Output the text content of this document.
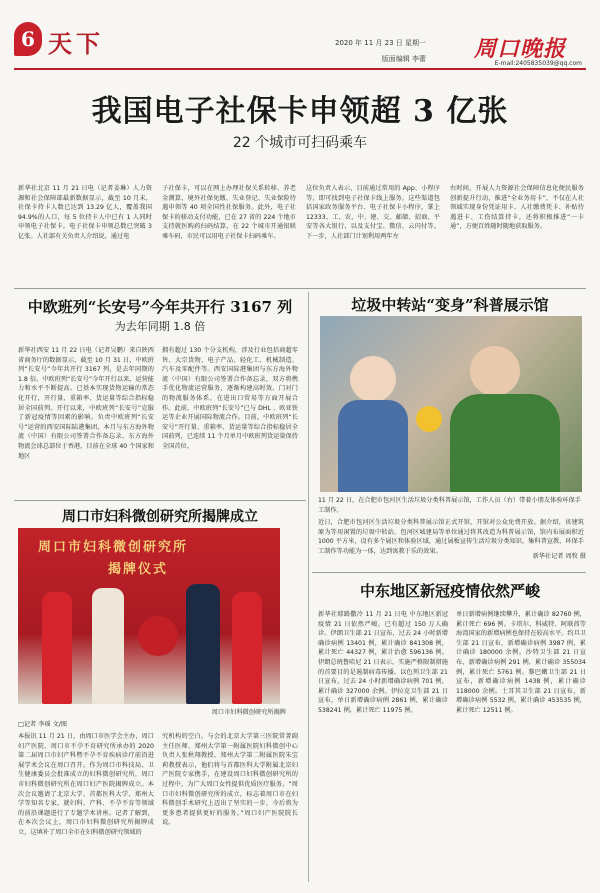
6 天下	2020 年 11 月 23 日 星期一
版面编辑 李蕾 周口晚报
E-mail:2405835039@qq.com
我国电子社保卡申领超 3 亿张
22 个城市可扫码乘车
新华社北京 11 月 21 日电（记者姜琳）人力资源和社会保障部最新数据显示，截至 10 月末，社保卡持卡人数已达到 13.29 亿人，覆盖我国 94.9%的人口，每 5 位持卡人中已有 1 人同时申领电子社保卡。电子社保卡申领总数已突破 3 亿张。人社部有关负责人介绍说，通过电
子社保卡，可以在网上办理社保关系转移、养老金测算、境外社保免缴、失业登记、失业保险待遇申领等 40 项全国性社保服务。此外，电子社保卡的移动支付功能，已在 27 省的 224 个地市支持就医购药扫码结算，在 22 个城市开通银联乘车码，市民可以用电子社保卡扫码乘车。
这位负责人表示，目前通过常用的 App、小程序等，即可找到电子社保卡线上服务。这些渠道包括国家政务服务平台、电子社保卡小程序，掌上 12333、工、农、中、建、交、邮储、招商、平安等各大银行，以及支付宝、微信、云闪付等。下一步，人社部门计划利用两年左
右时间，开展人力资源社会保障信息化便民服务创新提升行动，推进“全业务用卡”，不仅在人社领域实现身份凭证用卡、人社缴费凭卡、补贴待遇进卡、工伤结算持卡，还将积极推进“一卡通”，方便百姓随时随地获取服务。
中欧班列“长安号”今年共开行 3167 列
为去年同期 1.8 倍
新华社西安 11 月 22 日电（记者吴鹏）来自陕西省商务厅的数据显示，截至 10 月 31 日，中欧班列“长安号”今年共开行 3167 列，是去年同期的 1.8 倍。中欧班列“长安号”今年开行以来，运营能力和水平不断提高。已基本实现货物运输的常态化开行，开行量、重箱率、货运量等综合指标稳居全国前列。开行以来，中欧班列“长安号”克服了新冠疫情等因素的影响。负责中欧班列“长安号”运营的西安国际陆港集团，本月与东方海外物流（中国）有限公司签署合作备忘录。东方海外物流会球总部位于香港，目前在全球 40 个国家和地区
拥有超过 130 个分支机构，涉及行业包括商超零售、大宗货物、电子产品、轻化工、机械制造、汽车及零配件等。西安国际港集团与东方海外物流（中国）有限公司签署合作备忘录，双方将携手优化物流运营服务，逐渐构建高时效、门对门的物流服务体系，在进出口贸易等方面开展合作。此前，中欧班列“长安号”已与 DHL 、欧亚铁运等企业开展国际物流合作。目前，中欧班列“长安号”开行量、重箱率、货运量等综合指标稳居全国前列，已连续 11 个月单月中欧班列货运量保持全国首位。
垃圾中转站“变身”科普展示馆
11 月 22 日，在合肥市包河区生活垃圾分类科普展示馆，工作人员（右）带着小朋友体验环保手工制作。
近日，合肥市包河区生活垃圾分类科普展示馆正式开馆，开馆对公众免费开放。据介绍，该建筑原为等用闲置的垃圾中转站，包河区城建局等单位通过将其改造为科普展示馆，馆内布展面积近 1000 平方米，设有多个展区和体验区域，通过展板宣传生活垃圾分类知识，集科普宣教、环保手工制作等功能为一体，达到寓教于乐的效果。
新华社记者 周牧 摄
周口市妇科微创研究所揭牌成立
周口市妇科微创研究所
揭牌仪式
周口市妇科微创研究所揭牌
□记者 李瑶 文/图
本报讯 11 月 21 日，由周口市医学会主办，周口妇产医院、周口市不孕不育研究所承办的 2020 第二届周口市妇产科暨不孕不育疾病诊疗前沿进展学术会议在周口召开。作为周口市科技局、卫生健康委员会批准成立的妇科微创研究所，周口市妇科微创研究所在周口妇产医院揭牌成立。本次会议邀请了北京大学、首都医科大学、郑州大学等知名专家，就妇科、产科、不孕不育等领域的前沿课题进行了专题学术讲座。记者了解到，在本次会议上，周口市妇科微创研究所揭牌成立，这填补了周口全市在妇科微创研究领域的
究机构的空白。与会的北京大学第三医院常菁副主任医师、郑州大学第一附属医院妇科微创中心负责人张秋翔教授、郑州大学第二附属医院朱宝莉教授表示，他们将与首都医科大学附属北京妇产医院专家携手，在建设周口妇科微创研究所的过程中，为广大周口女性提供优质医疗服务。“周口市妇科微创研究所的成立，标志着周口市在妇科微创手术研究上迈出了坚实的一步，今后将为更多患者提供更好的服务。”周口妇产医院院长说。
中东地区新冠疫情依然严峻
新华社耶路撒冷 11 月 21 日电 中东地区新冠疫情 21 日依然严峻，已有超过 150 万人确诊。伊朗卫生部 21 日宣布，过去 24 小时新增确诊病例 13401 例，累计确诊 841308 例，累计死亡 44327 例，累计治愈 596136 例。伊朗总统鲁哈尼 21 日表示，实施严格限制措施的首要目的是遏制病毒传播。以色列卫生部 21 日宣布，过去 24 小时新增确诊病例 701 例，累计确诊 327000 余例。伊拉克卫生部 21 日宣布，单日新增确诊病例 2861 例，累计确诊 538241 例，累计死亡 11975 例。
单日新增病例继续攀升，累计确诊 82760 例，累计死亡 696 例。卡塔尔、科威特、阿联酋等海湾国家的新增病例也保持在较高水平。约旦卫生部 21 日宣布，新增确诊病例 3987 例，累计确诊 180000 余例。沙特卫生部 21 日宣布，新增确诊病例 291 例，累计确诊 355034 例，累计死亡 5761 例。黎巴嫩卫生部 21 日宣布，新增确诊病例 1438 例，累计确诊 118000 余例。土耳其卫生部 21 日宣布，新增确诊病例 5532 例，累计确诊 453535 例，累计死亡 12511 例。
